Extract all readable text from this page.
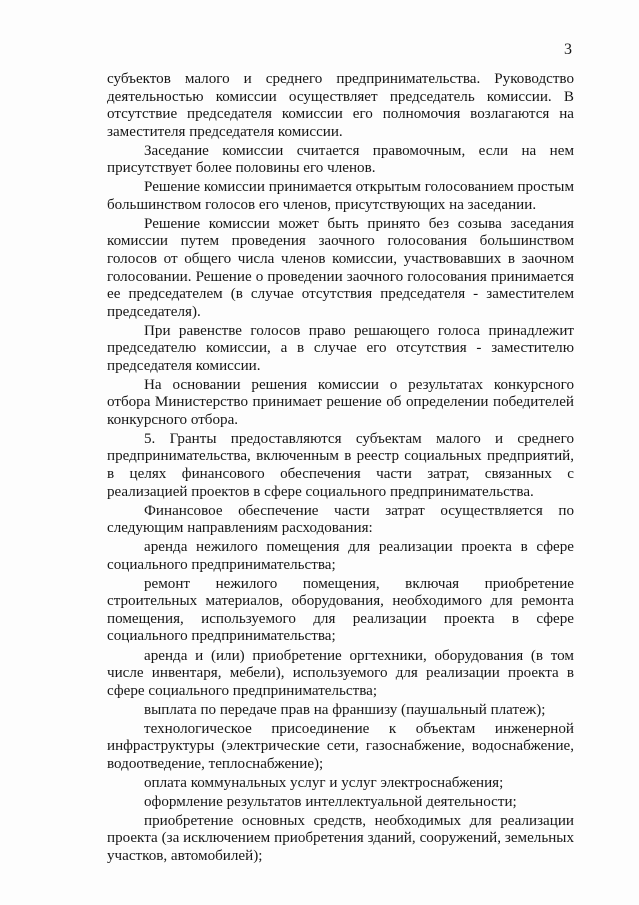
3

субъектов малого и среднего предпринимательства. Руководство деятельностью комиссии осуществляет председатель комиссии. В отсутствие председателя комиссии его полномочия возлагаются на заместителя председателя комиссии.

Заседание комиссии считается правомочным, если на нем присутствует более половины его членов.

Решение комиссии принимается открытым голосованием простым большинством голосов его членов, присутствующих на заседании.

Решение комиссии может быть принято без созыва заседания комиссии путем проведения заочного голосования большинством голосов от общего числа членов комиссии, участвовавших в заочном голосовании. Решение о проведении заочного голосования принимается ее председателем (в случае отсутствия председателя - заместителем председателя).

При равенстве голосов право решающего голоса принадлежит председателю комиссии, а в случае его отсутствия - заместителю председателя комиссии.

На основании решения комиссии о результатах конкурсного отбора Министерство принимает решение об определении победителей конкурсного отбора.

5. Гранты предоставляются субъектам малого и среднего предпринимательства, включенным в реестр социальных предприятий, в целях финансового обеспечения части затрат, связанных с реализацией проектов в сфере социального предпринимательства.

Финансовое обеспечение части затрат осуществляется по следующим направлениям расходования:

аренда нежилого помещения для реализации проекта в сфере социального предпринимательства;

ремонт нежилого помещения, включая приобретение строительных материалов, оборудования, необходимого для ремонта помещения, используемого для реализации проекта в сфере социального предпринимательства;

аренда и (или) приобретение оргтехники, оборудования (в том числе инвентаря, мебели), используемого для реализации проекта в сфере социального предпринимательства;

выплата по передаче прав на франшизу (паушальный платеж);

технологическое присоединение к объектам инженерной инфраструктуры (электрические сети, газоснабжение, водоснабжение, водоотведение, теплоснабжение);

оплата коммунальных услуг и услуг электроснабжения;

оформление результатов интеллектуальной деятельности;

приобретение основных средств, необходимых для реализации проекта (за исключением приобретения зданий, сооружений, земельных участков, автомобилей);
